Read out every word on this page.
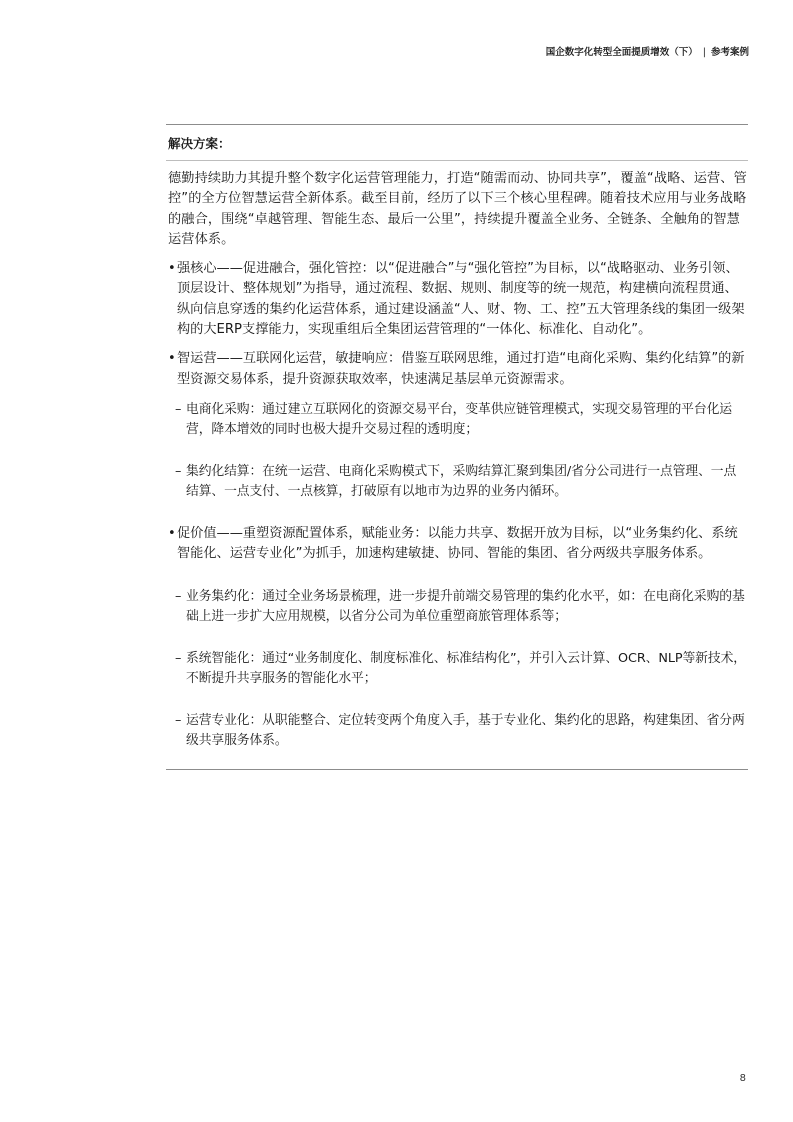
国企数字化转型全面提质增效（下） | 参考案例
解决方案：
德勤持续助力其提升整个数字化运营管理能力，打造“随需而动、协同共享”，覆盖“战略、运营、管控”的全方位智慧运营全新体系。截至目前，经历了以下三个核心里程碑。随着技术应用与业务战略的融合，围绕“卓越管理、智能生态、最后一公里”，持续提升覆盖全业务、全链条、全触角的智慧运营体系。
• 强核心——促进融合，强化管控：以“促进融合”与“强化管控”为目标，以“战略驱动、业务引领、顶层设计、整体规划”为指导，通过流程、数据、规则、制度等的统一规范，构建横向流程贯通、纵向信息穿透的集约化运营体系，通过建设涵盖“人、财、物、工、控”五大管理条线的集团一级架构的大ERP支撑能力，实现重组后全集团运营管理的“一体化、标准化、自动化”。
• 智运营——互联网化运营，敏捷响应：借鉴互联网思维，通过打造“电商化采购、集约化结算”的新型资源交易体系，提升资源获取效率，快速满足基层单元资源需求。
– 电商化采购：通过建立互联网化的资源交易平台，变革供应链管理模式，实现交易管理的平台化运营，降本增效的同时也极大提升交易过程的透明度；
– 集约化结算：在统一运营、电商化采购模式下，采购结算汇聚到集团/省分公司进行一点管理、一点结算、一点支付、一点核算，打破原有以地市为边界的业务内循环。
• 促价值——重塑资源配置体系，赋能业务：以能力共享、数据开放为目标，以“业务集约化、系统智能化、运营专业化”为抓手，加速构建敏捷、协同、智能的集团、省分两级共享服务体系。
– 业务集约化：通过全业务场景梳理，进一步提升前端交易管理的集约化水平，如：在电商化采购的基础上进一步扩大应用规模，以省分公司为单位重塑商旅管理体系等；
– 系统智能化：通过“业务制度化、制度标准化、标准结构化”，并引入云计算、OCR、NLP等新技术，不断提升共享服务的智能化水平；
– 运营专业化：从职能整合、定位转变两个角度入手，基于专业化、集约化的思路，构建集团、省分两级共享服务体系。
8
